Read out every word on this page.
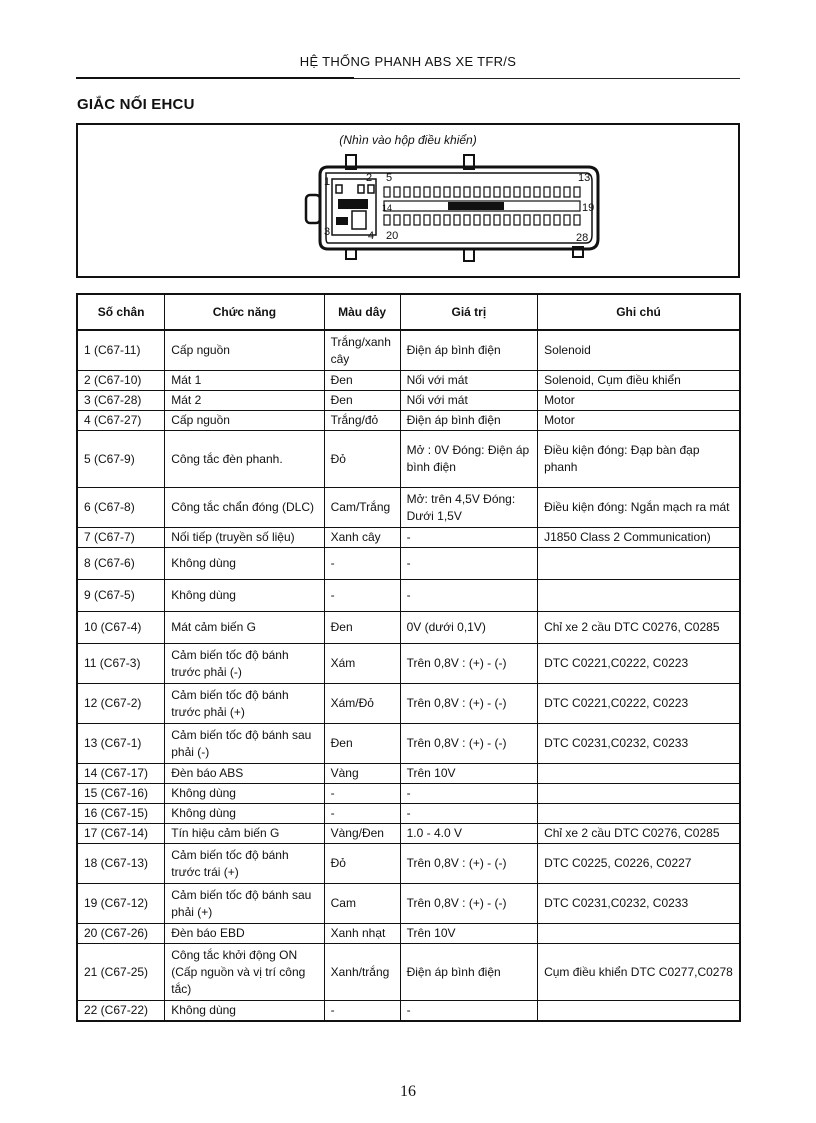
HỆ THỐNG PHANH ABS XE TFR/S
GIẮC NỐI EHCU
(Nhìn vào hộp điều khiển)
1	2 5	13
14	19
3	4 20	28
Số chân	Chức năng	Màu dây	Giá trị	Ghi chú
1 (C67-11)	Cấp nguồn	Trắng/xanh cây	Điện áp bình điện	Solenoid
2 (C67-10)	Mát 1	Đen	Nối với mát	Solenoid, Cụm điều khiển
3 (C67-28)	Mát 2	Đen	Nối với mát	Motor
4 (C67-27)	Cấp nguồn	Trắng/đỏ	Điện áp bình điện	Motor
5 (C67-9)	Công tắc đèn phanh.	Đỏ	Mở : 0V Đóng: Điện áp bình điện	Điều kiện đóng: Đạp bàn đạp phanh
6 (C67-8)	Công tắc chẩn đóng (DLC)	Cam/Trắng	Mở: trên 4,5V Đóng: Dưới 1,5V	Điều kiện đóng: Ngắn mạch ra mát
7 (C67-7)	Nối tiếp (truyền số liệu)	Xanh cây	-	J1850 Class 2 Communication)
8 (C67-6)	Không dùng	-	-	
9 (C67-5)	Không dùng	-	-	
10 (C67-4)	Mát cảm biến G	Đen	0V (dưới 0,1V)	Chỉ xe 2 cầu DTC C0276, C0285
11 (C67-3)	Cảm biến tốc độ bánh trước phải (-)	Xám	Trên 0,8V : (+) - (-)	DTC C0221,C0222, C0223
12 (C67-2)	Cảm biến tốc độ bánh trước phải (+)	Xám/Đỏ	Trên 0,8V : (+) - (-)	DTC C0221,C0222, C0223
13 (C67-1)	Cảm biến tốc độ bánh sau phải (-)	Đen	Trên 0,8V : (+) - (-)	DTC C0231,C0232, C0233
14 (C67-17)	Đèn báo ABS	Vàng	Trên 10V	
15 (C67-16)	Không dùng	-	-	
16 (C67-15)	Không dùng	-	-	
17 (C67-14)	Tín hiệu cảm biến G	Vàng/Đen	1.0 - 4.0 V	Chỉ xe 2 cầu DTC C0276, C0285
18 (C67-13)	Cảm biến tốc độ bánh trước trái (+)	Đỏ	Trên 0,8V : (+) - (-)	DTC C0225, C0226, C0227
19 (C67-12)	Cảm biến tốc độ bánh sau phải (+)	Cam	Trên 0,8V : (+) - (-)	DTC C0231,C0232, C0233
20 (C67-26)	Đèn báo EBD	Xanh nhạt	Trên 10V	
21 (C67-25)	Công tắc khởi động ON (Cấp nguồn và vị trí công tắc)	Xanh/trắng	Điện áp bình điện	Cụm điều khiển DTC C0277,C0278
22 (C67-22)	Không dùng	-	-	
16
